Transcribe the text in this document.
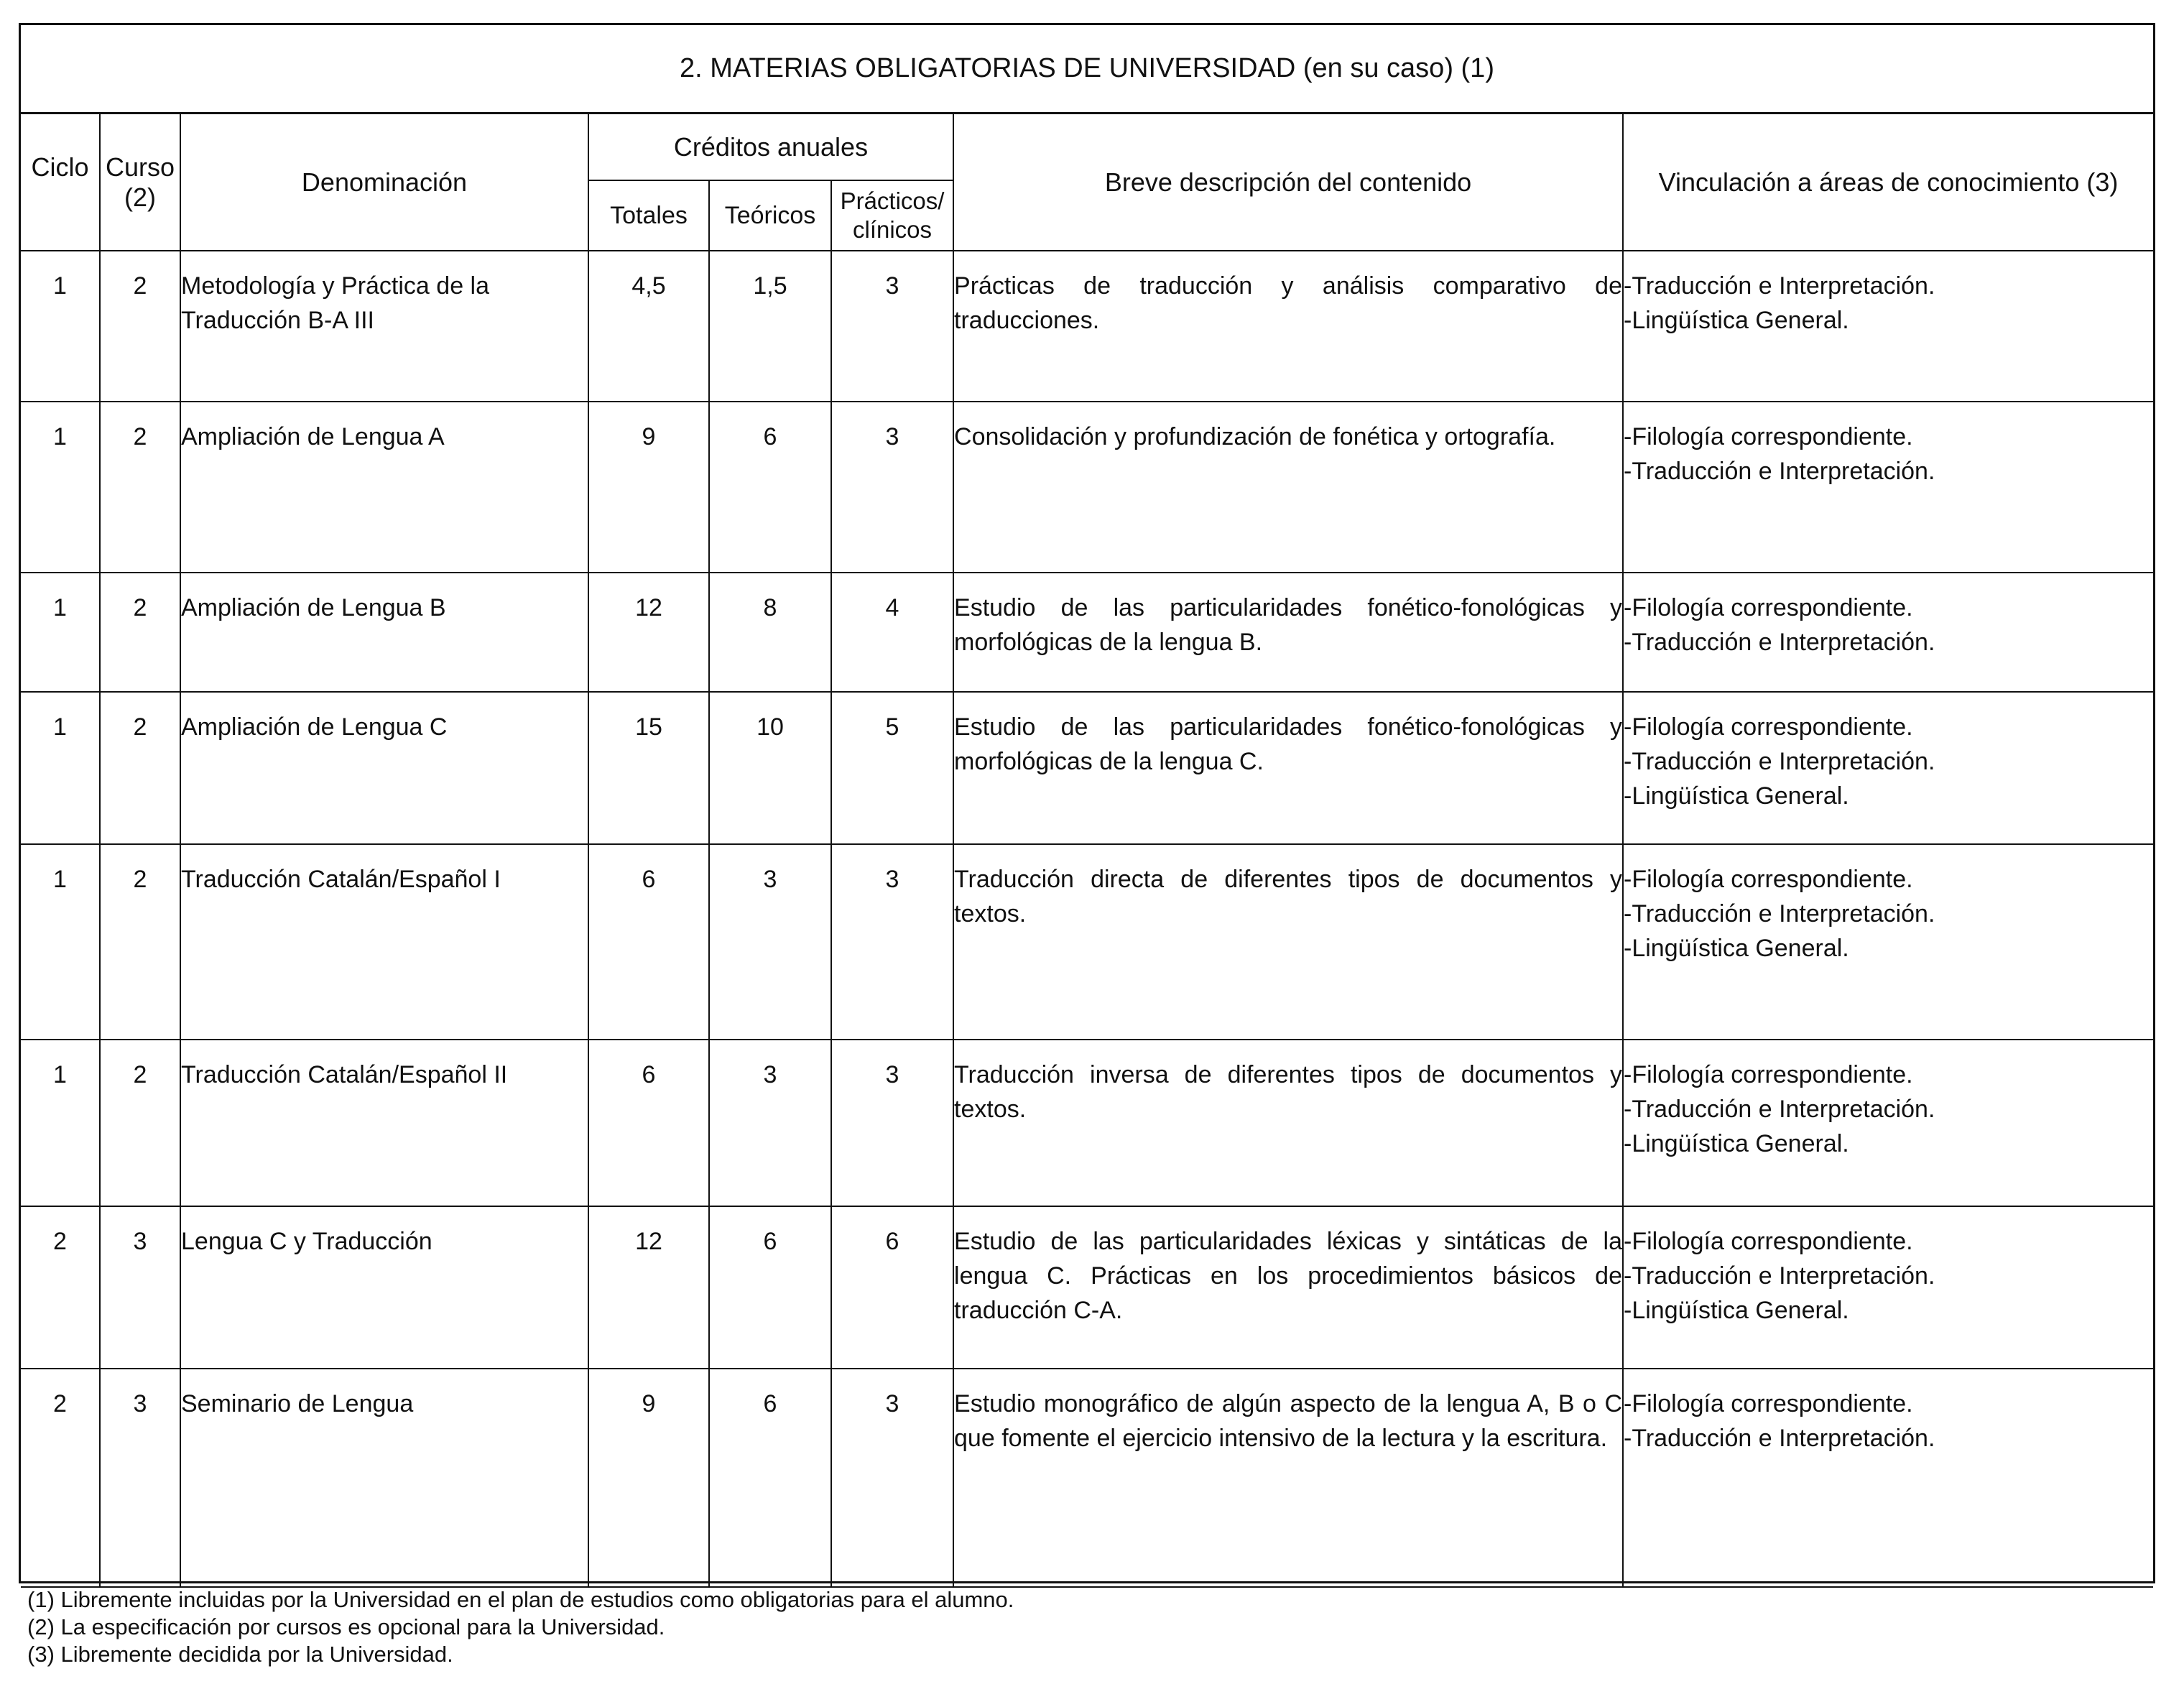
2. MATERIAS OBLIGATORIAS DE UNIVERSIDAD (en su caso) (1)
Ciclo	Curso
(2)	Denominación	Créditos anuales			Breve descripción del contenido	Vinculación a áreas de conocimiento (3)
			Totales	Teóricos	Prácticos/
clínicos		
1	2	Metodología y Práctica de la Traducción B-A III	4,5	1,5	3	Prácticas de traducción y análisis comparativo de traducciones.	-Traducción e Interpretación.
-Lingüística General.

1	2	Ampliación de Lengua A	9	6	3	Consolidación y profundización de fonética y ortografía.	-Filología correspondiente.
-Traducción e Interpretación.

1	2	Ampliación de Lengua B	12	8	4	Estudio de las particularidades fonético-fonológicas y morfológicas de la lengua B.	-Filología correspondiente.
-Traducción e Interpretación.

1	2	Ampliación de Lengua C	15	10	5	Estudio de las particularidades fonético-fonológicas y morfológicas de la lengua C.	-Filología correspondiente.
-Traducción e Interpretación.
-Lingüística General.

1	2	Traducción Catalán/Español I	6	3	3	Traducción directa de diferentes tipos de documentos y textos.	-Filología correspondiente.
-Traducción e Interpretación.
-Lingüística General.

1	2	Traducción Catalán/Español II	6	3	3	Traducción inversa de diferentes tipos de documentos y textos.	-Filología correspondiente.
-Traducción e Interpretación.
-Lingüística General.

2	3	Lengua C y Traducción	12	6	6	Estudio de las particularidades léxicas y sintáticas de la lengua C. Prácticas en los procedimientos básicos de traducción C-A.	-Filología correspondiente.
-Traducción e Interpretación.
-Lingüística General.

2	3	Seminario de Lengua	9	6	3	Estudio monográfico de algún aspecto de la lengua A, B o C que fomente el ejercicio intensivo de la lectura y la escritura.	-Filología correspondiente.
-Traducción e Interpretación.
(1) Libremente incluidas por la Universidad en el plan de estudios como obligatorias para el alumno.
(2) La especificación por cursos es opcional para la Universidad.
(3) Libremente decidida por la Universidad.
